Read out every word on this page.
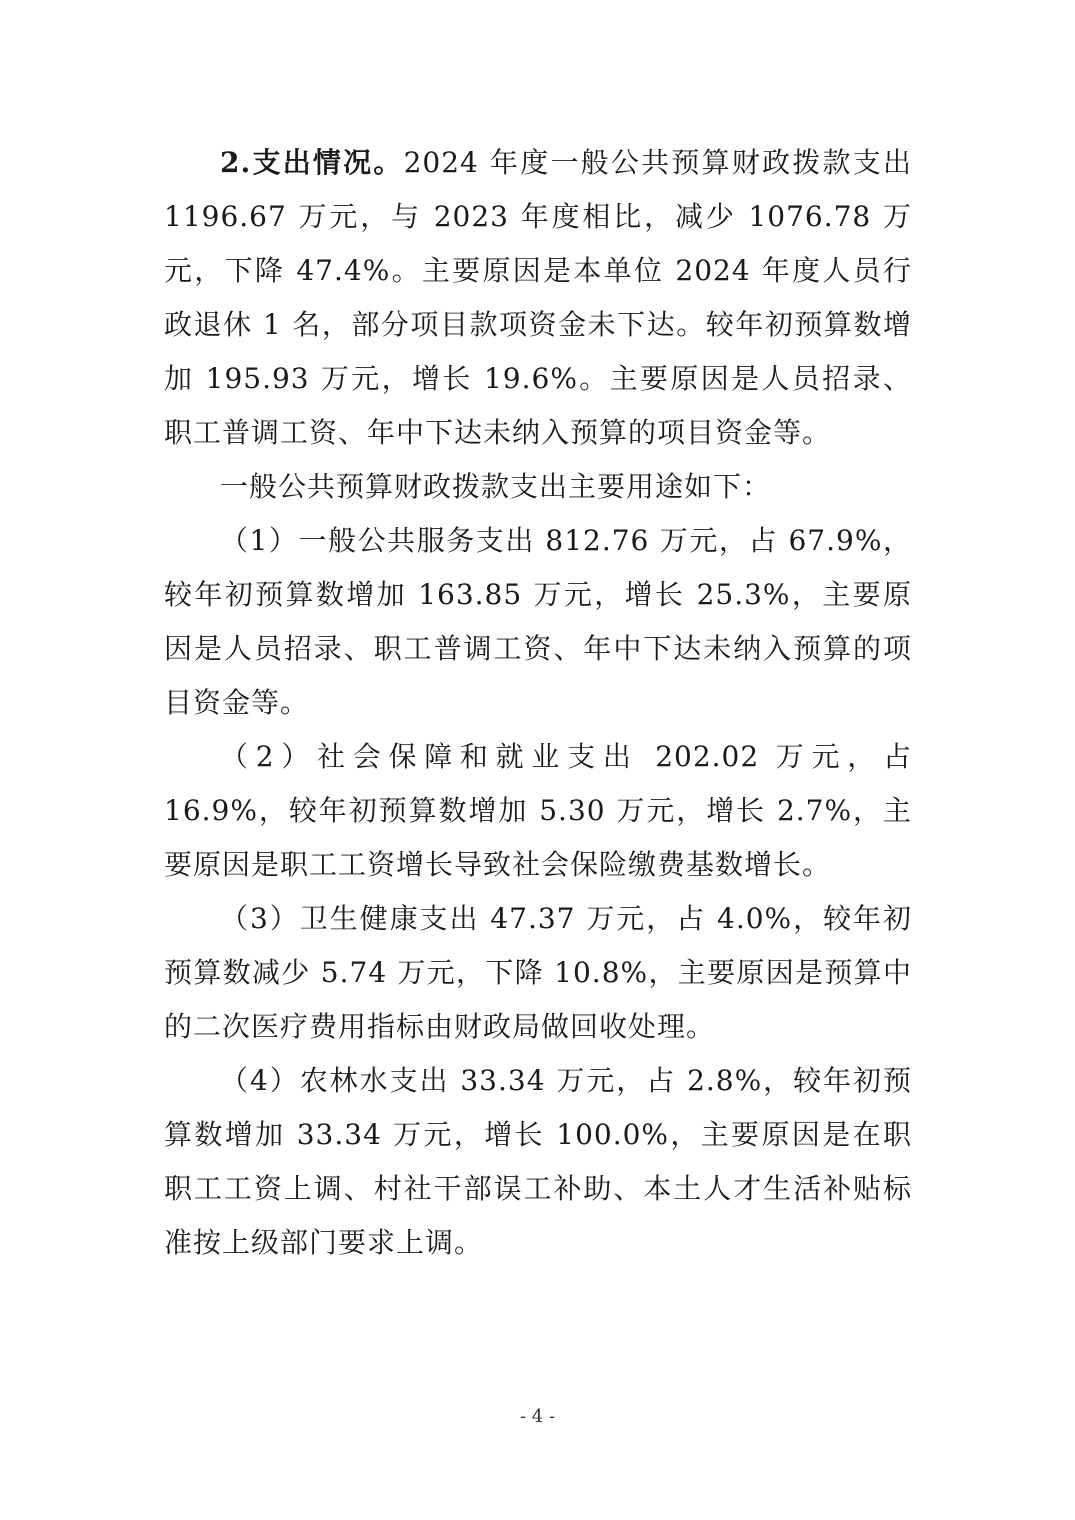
2.支出情况。2024 年度一般公共预算财政拨款支出 1196.67 万元，与 2023 年度相比，减少 1076.78 万元，下降 47.4%。主要原因是本单位 2024 年度人员行政退休 1 名，部分项目款项资金未下达。较年初预算数增加 195.93 万元，增长 19.6%。主要原因是人员招录、职工普调工资、年中下达未纳入预算的项目资金等。

一般公共预算财政拨款支出主要用途如下：

（1）一般公共服务支出 812.76 万元，占 67.9%，较年初预算数增加 163.85 万元，增长 25.3%，主要原因是人员招录、职工普调工资、年中下达未纳入预算的项目资金等。

（2）社会保障和就业支出 202.02 万元，占 16.9%，较年初预算数增加 5.30 万元，增长 2.7%，主要原因是职工工资增长导致社会保险缴费基数增长。

（3）卫生健康支出 47.37 万元，占 4.0%，较年初预算数减少 5.74 万元，下降 10.8%，主要原因是预算中的二次医疗费用指标由财政局做回收处理。

（4）农林水支出 33.34 万元，占 2.8%，较年初预算数增加 33.34 万元，增长 100.0%，主要原因是在职职工工资上调、村社干部误工补助、本土人才生活补贴标准按上级部门要求上调。

- 4 -
